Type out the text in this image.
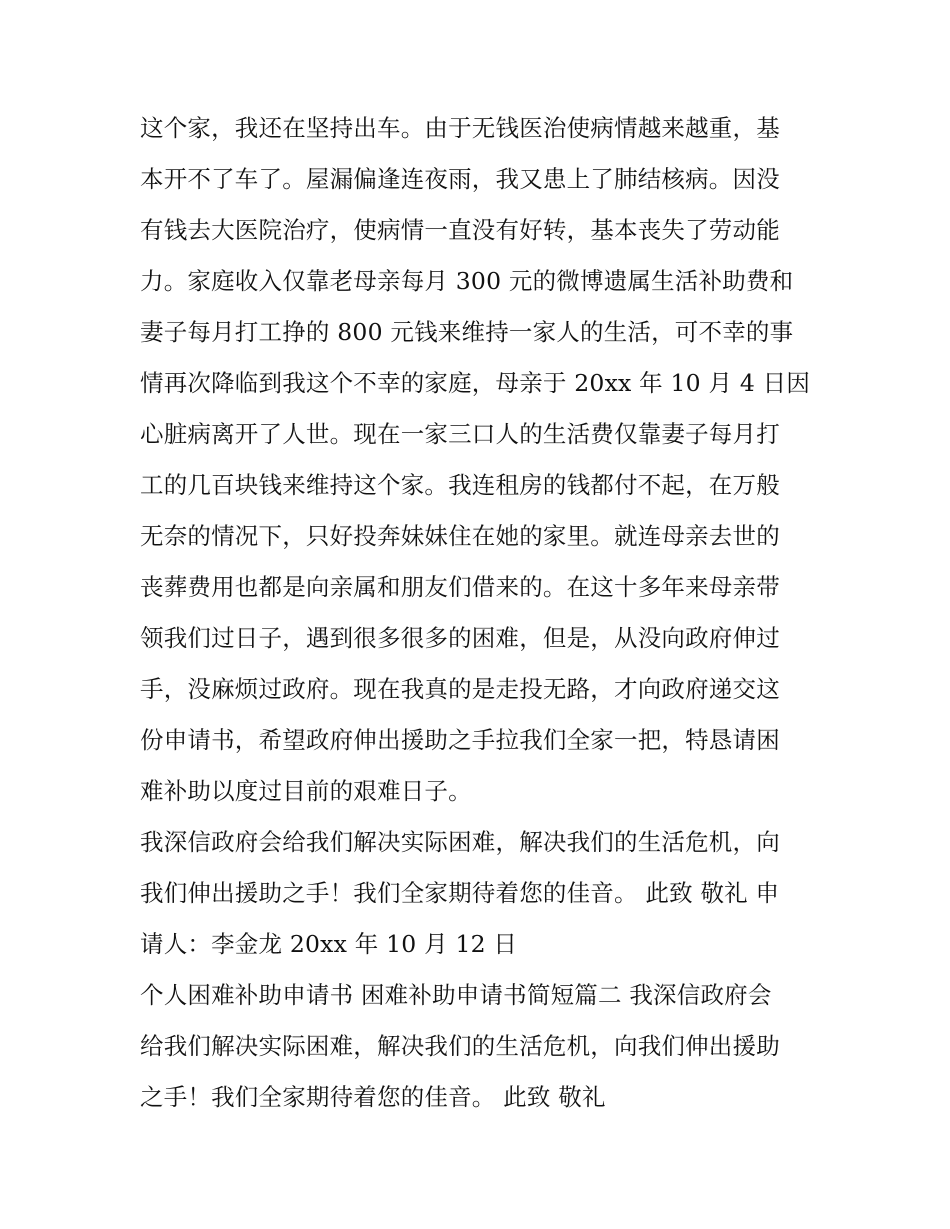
这个家，我还在坚持出车。由于无钱医治使病情越来越重，基
本开不了车了。屋漏偏逢连夜雨，我又患上了肺结核病。因没
有钱去大医院治疗，使病情一直没有好转，基本丧失了劳动能
力。家庭收入仅靠老母亲每月 300 元的微博遗属生活补助费和
妻子每月打工挣的 800 元钱来维持一家人的生活，可不幸的事
情再次降临到我这个不幸的家庭，母亲于 20xx 年 10 月 4 日因
心脏病离开了人世。现在一家三口人的生活费仅靠妻子每月打
工的几百块钱来维持这个家。我连租房的钱都付不起，在万般
无奈的情况下，只好投奔妹妹住在她的家里。就连母亲去世的
丧葬费用也都是向亲属和朋友们借来的。在这十多年来母亲带
领我们过日子，遇到很多很多的困难，但是，从没向政府伸过
手，没麻烦过政府。现在我真的是走投无路，才向政府递交这
份申请书，希望政府伸出援助之手拉我们全家一把，特恳请困
难补助以度过目前的艰难日子。
我深信政府会给我们解决实际困难，解决我们的生活危机，向
我们伸出援助之手！我们全家期待着您的佳音。 此致 敬礼 申
请人：李金龙 20xx 年 10 月 12 日
个人困难补助申请书 困难补助申请书简短篇二 我深信政府会
给我们解决实际困难，解决我们的生活危机，向我们伸出援助
之手！我们全家期待着您的佳音。 此致 敬礼
